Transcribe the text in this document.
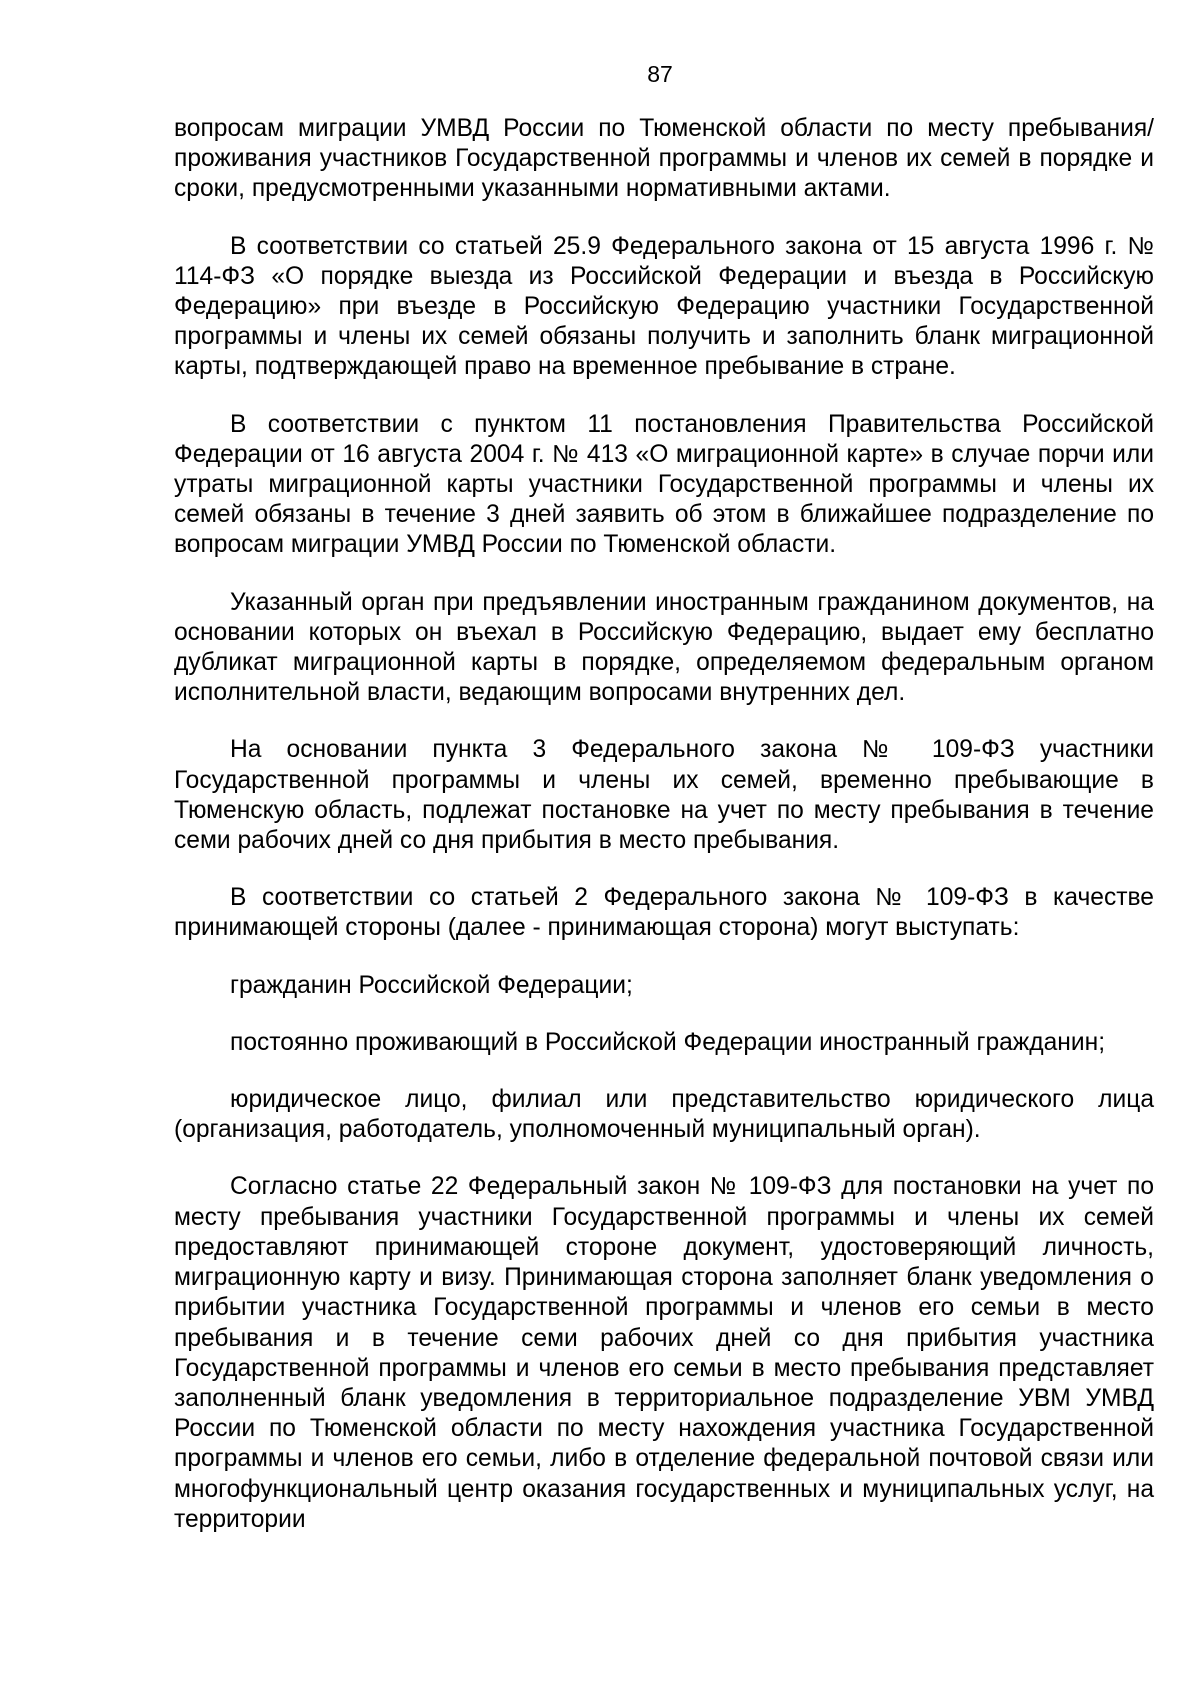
87

вопросам миграции УМВД России по Тюменской области по месту пребывания/проживания участников Государственной программы и членов их семей в порядке и сроки, предусмотренными указанными нормативными актами.

В соответствии со статьей 25.9 Федерального закона от 15 августа 1996 г. № 114-ФЗ «О порядке выезда из Российской Федерации и въезда в Российскую Федерацию» при въезде в Российскую Федерацию участники Государственной программы и члены их семей обязаны получить и заполнить бланк миграционной карты, подтверждающей право на временное пребывание в стране.

В соответствии с пунктом 11 постановления Правительства Российской Федерации от 16 августа 2004 г. № 413 «О миграционной карте» в случае порчи или утраты миграционной карты участники Государственной программы и члены их семей обязаны в течение 3 дней заявить об этом в ближайшее подразделение по вопросам миграции УМВД России по Тюменской области.

Указанный орган при предъявлении иностранным гражданином документов, на основании которых он въехал в Российскую Федерацию, выдает ему бесплатно дубликат миграционной карты в порядке, определяемом федеральным органом исполнительной власти, ведающим вопросами внутренних дел.

На основании пункта 3 Федерального закона № 109-ФЗ участники Государственной программы и члены их семей, временно пребывающие в Тюменскую область, подлежат постановке на учет по месту пребывания в течение семи рабочих дней со дня прибытия в место пребывания.

В соответствии со статьей 2 Федерального закона № 109-ФЗ в качестве принимающей стороны (далее - принимающая сторона) могут выступать:

гражданин Российской Федерации;

постоянно проживающий в Российской Федерации иностранный гражданин;

юридическое лицо, филиал или представительство юридического лица (организация, работодатель, уполномоченный муниципальный орган).

Согласно статье 22 Федеральный закон № 109-ФЗ для постановки на учет по месту пребывания участники Государственной программы и члены их семей предоставляют принимающей стороне документ, удостоверяющий личность, миграционную карту и визу. Принимающая сторона заполняет бланк уведомления о прибытии участника Государственной программы и членов его семьи в место пребывания и в течение семи рабочих дней со дня прибытия участника Государственной программы и членов его семьи в место пребывания представляет заполненный бланк уведомления в территориальное подразделение УВМ УМВД России по Тюменской области по месту нахождения участника Государственной программы и членов его семьи, либо в отделение федеральной почтовой связи или многофункциональный центр оказания государственных и муниципальных услуг, на территории
